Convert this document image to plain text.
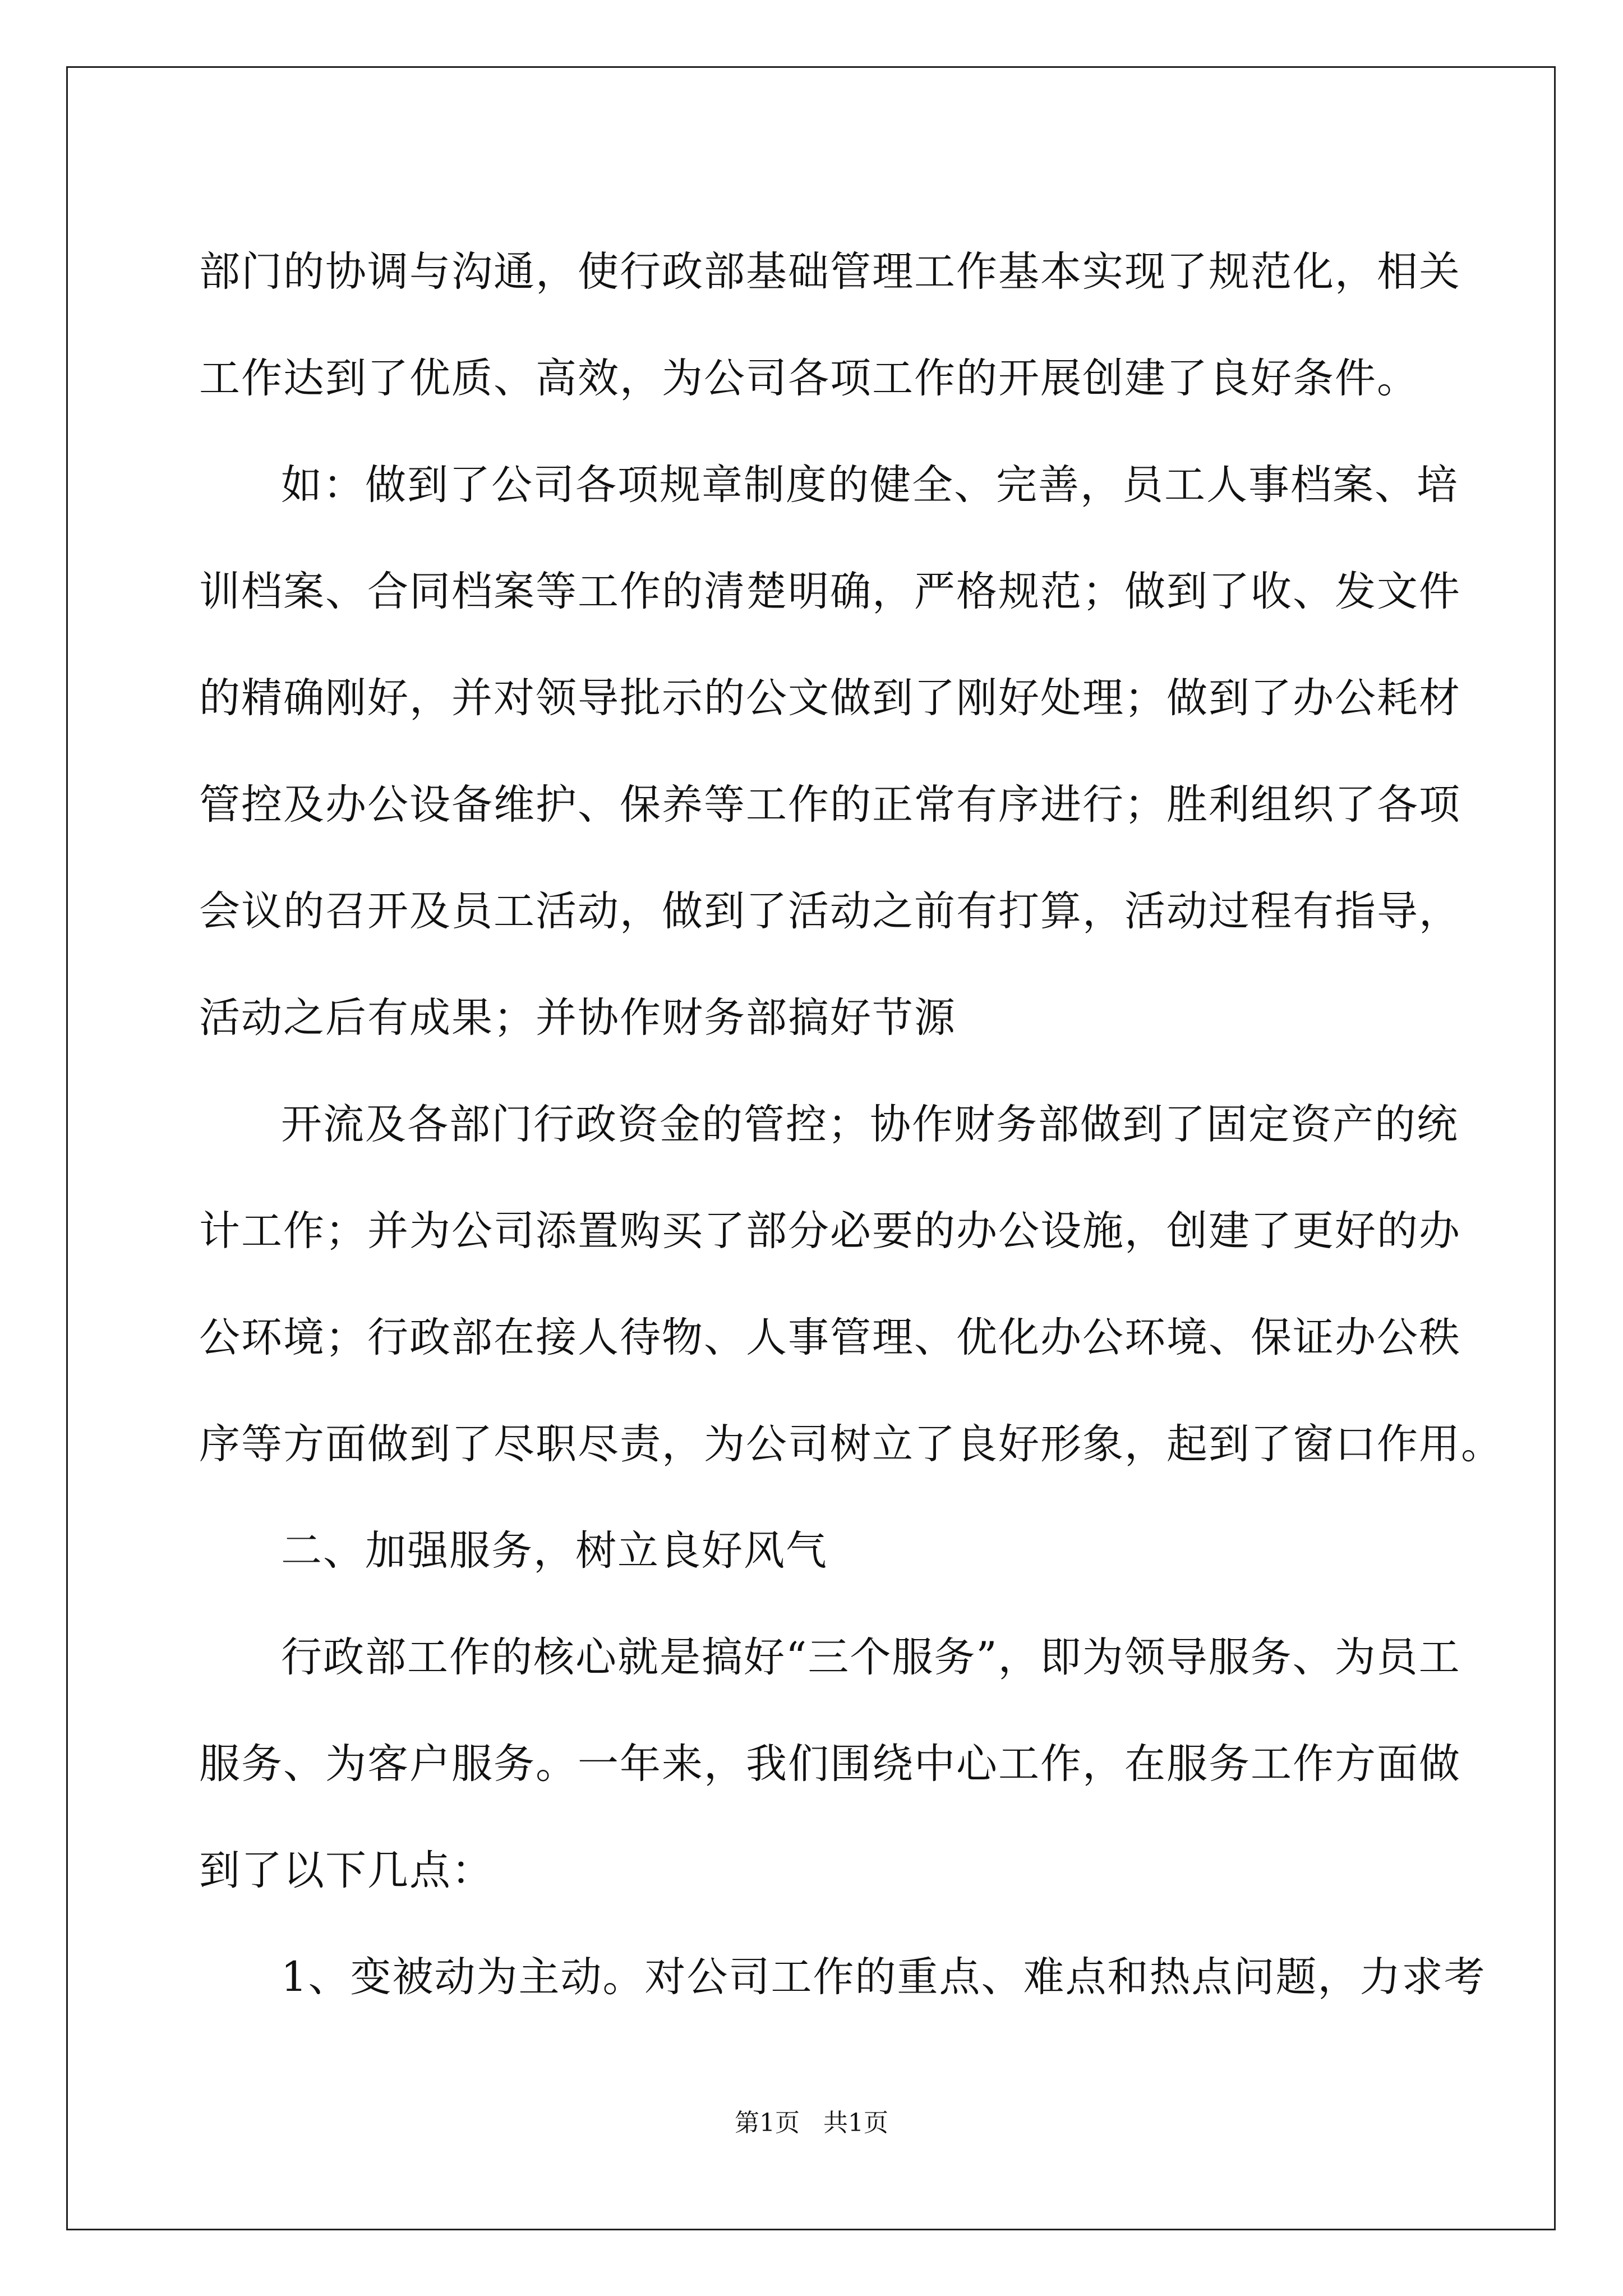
部门的协调与沟通，使行政部基础管理工作基本实现了规范化，相关
工作达到了优质、高效，为公司各项工作的开展创建了良好条件。
如：做到了公司各项规章制度的健全、完善，员工人事档案、培
训档案、合同档案等工作的清楚明确，严格规范；做到了收、发文件
的精确刚好，并对领导批示的公文做到了刚好处理；做到了办公耗材
管控及办公设备维护、保养等工作的正常有序进行；胜利组织了各项
会议的召开及员工活动，做到了活动之前有打算，活动过程有指导，
活动之后有成果；并协作财务部搞好节源
开流及各部门行政资金的管控；协作财务部做到了固定资产的统
计工作；并为公司添置购买了部分必要的办公设施，创建了更好的办
公环境；行政部在接人待物、人事管理、优化办公环境、保证办公秩
序等方面做到了尽职尽责，为公司树立了良好形象，起到了窗口作用。
二、加强服务，树立良好风气
行政部工作的核心就是搞好“三个服务”，即为领导服务、为员工
服务、为客户服务。一年来，我们围绕中心工作，在服务工作方面做
到了以下几点：
1、变被动为主动。对公司工作的重点、难点和热点问题，力求考
第1页   共1页
